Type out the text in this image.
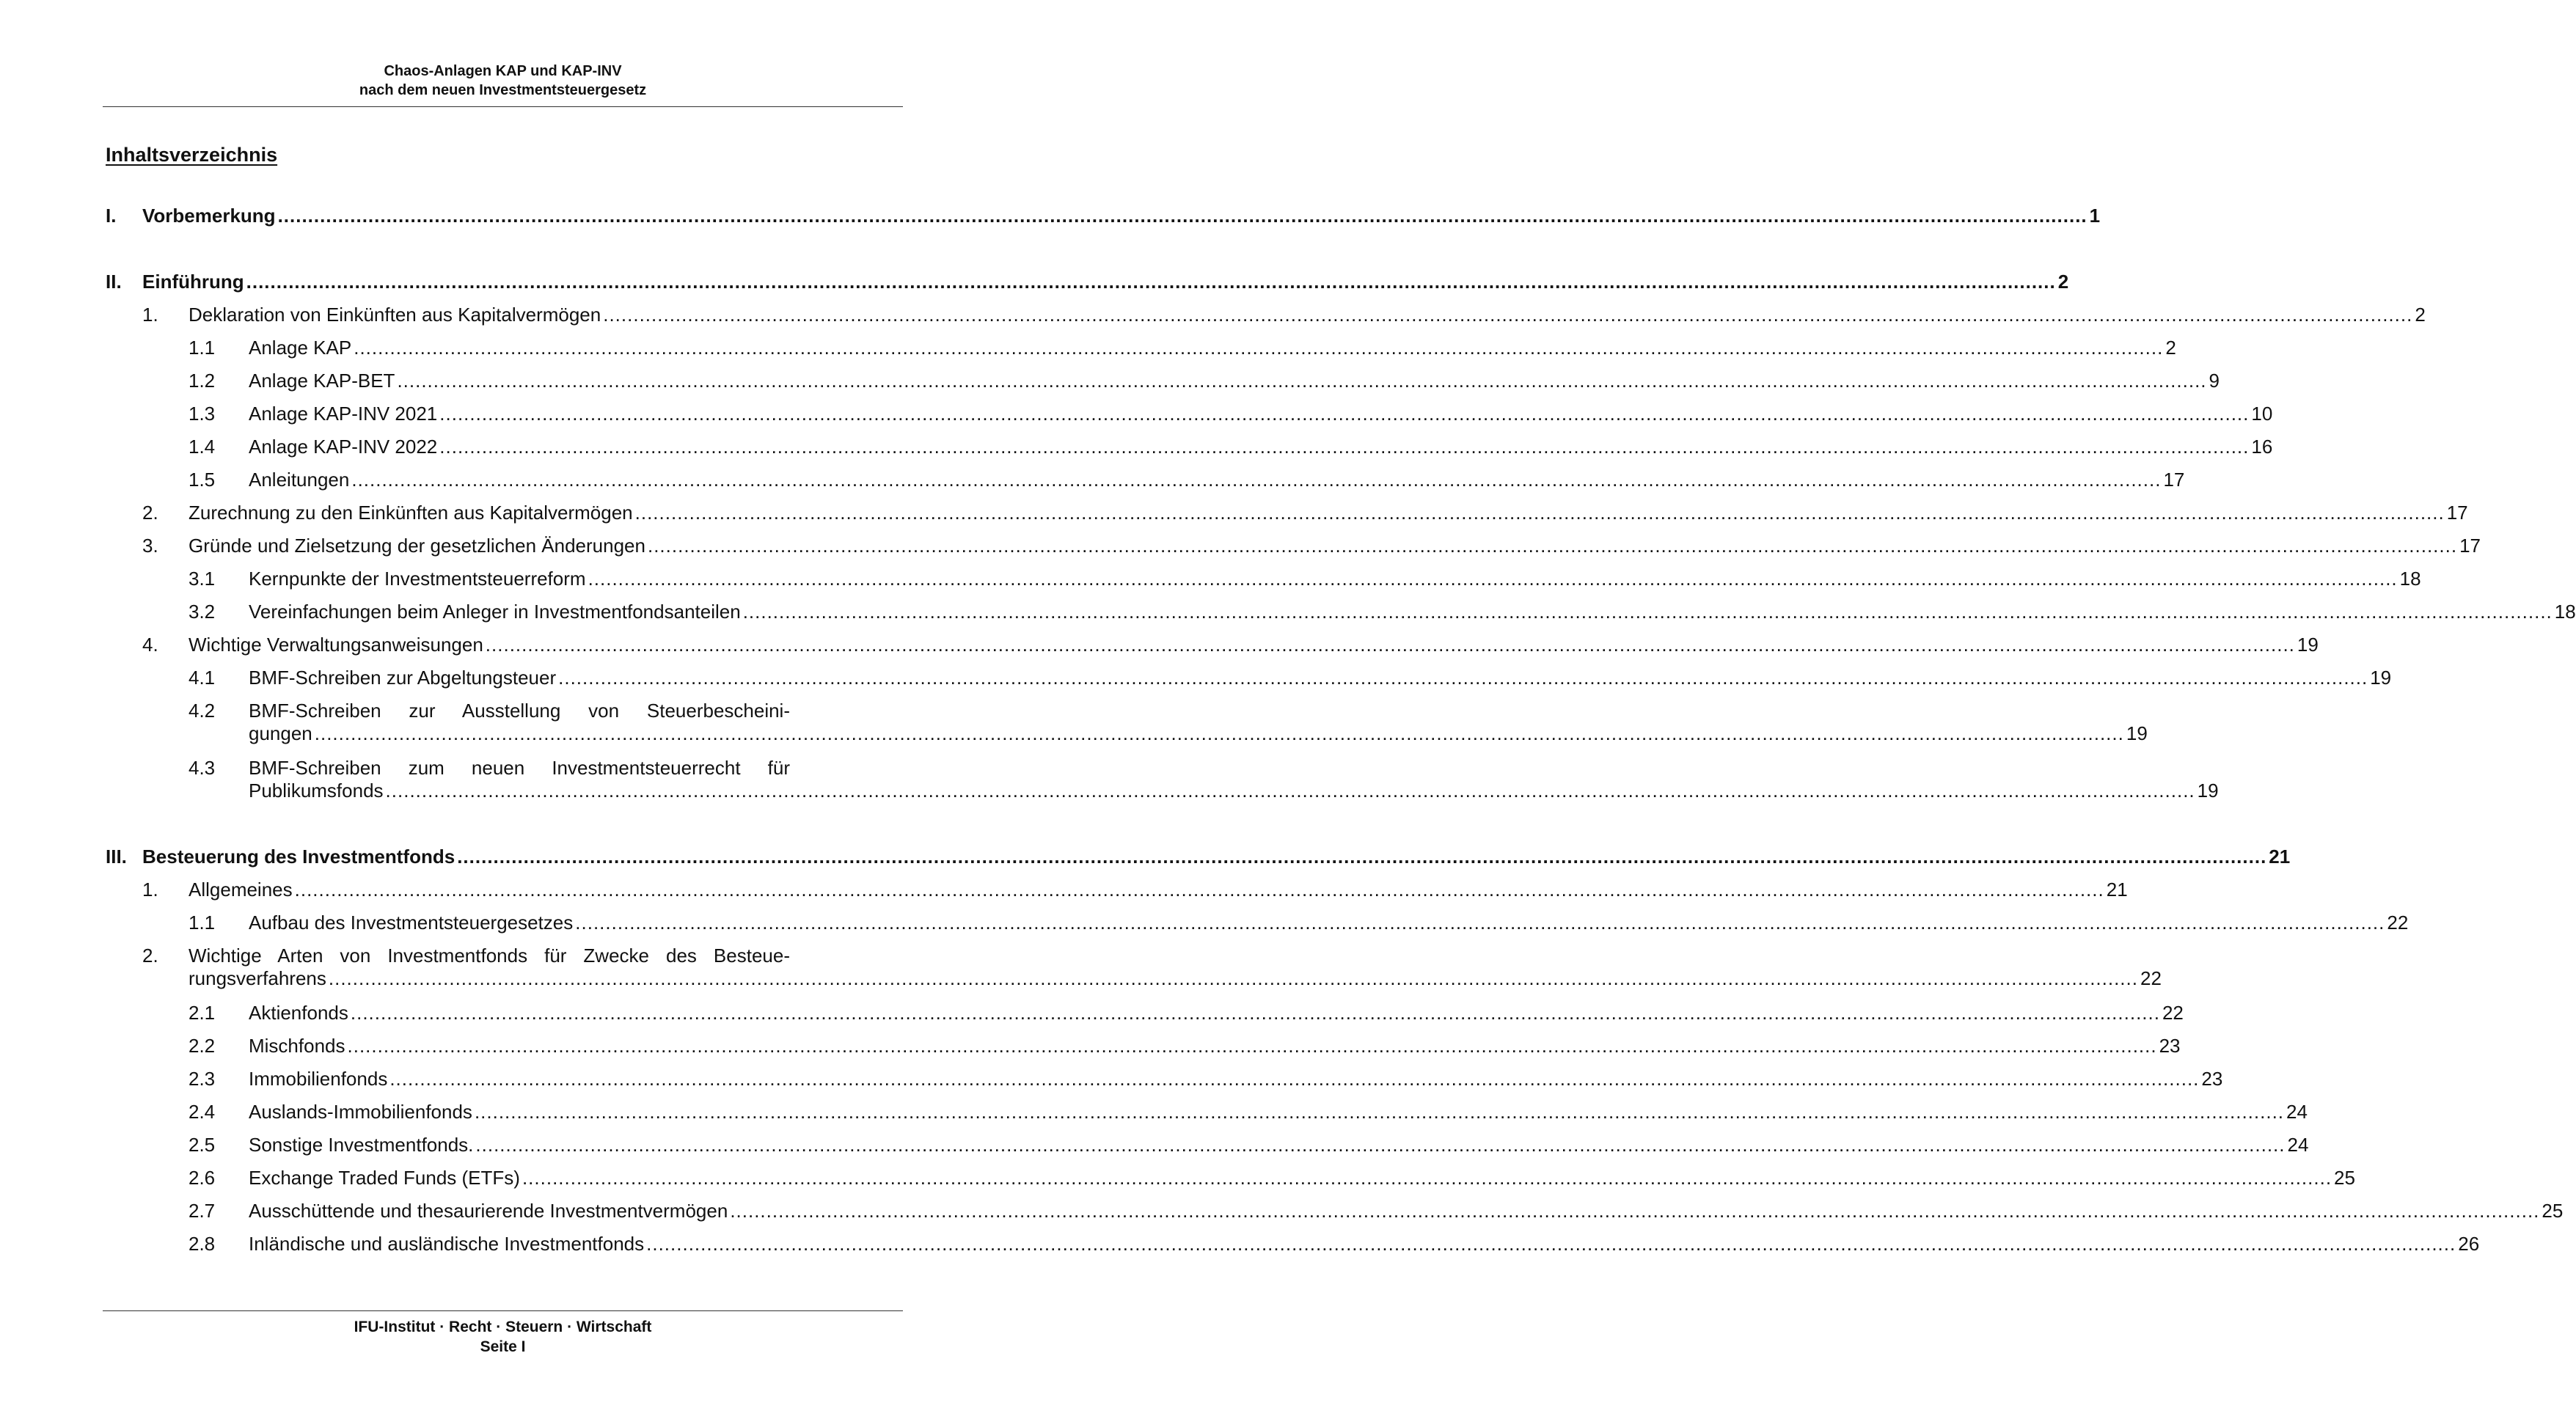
Chaos-Anlagen KAP und KAP-INV
nach dem neuen Investmentsteuergesetz
Inhaltsverzeichnis
I. Vorbemerkung ............................................................................................................................................................................................................................................................................................................ 1
II. Einführung ............................................................................................................................................................................................................................................................................................................ 2
1. Deklaration von Einkünften aus Kapitalvermögen ............................................................................................................................................................................................................................................................................................................ 2
1.1 Anlage KAP ............................................................................................................................................................................................................................................................................................................ 2
1.2 Anlage KAP-BET ............................................................................................................................................................................................................................................................................................................ 9
1.3 Anlage KAP-INV 2021 ............................................................................................................................................................................................................................................................................................................ 10
1.4 Anlage KAP-INV 2022 ............................................................................................................................................................................................................................................................................................................ 16
1.5 Anleitungen ............................................................................................................................................................................................................................................................................................................ 17
2. Zurechnung zu den Einkünften aus Kapitalvermögen ............................................................................................................................................................................................................................................................................................................ 17
3. Gründe und Zielsetzung der gesetzlichen Änderungen ............................................................................................................................................................................................................................................................................................................ 17
3.1 Kernpunkte der Investmentsteuerreform ............................................................................................................................................................................................................................................................................................................ 18
3.2 Vereinfachungen beim Anleger in Investmentfondsanteilen ............................................................................................................................................................................................................................................................................................................ 18
4. Wichtige Verwaltungsanweisungen ............................................................................................................................................................................................................................................................................................................ 19
4.1 BMF-Schreiben zur Abgeltungsteuer ............................................................................................................................................................................................................................................................................................................ 19
4.2 BMF-Schreiben zur Ausstellung von Steuerbescheini-
gungen ............................................................................................................................................................................................................................................................................................................ 19
4.3 BMF-Schreiben zum neuen Investmentsteuerrecht für
Publikumsfonds ............................................................................................................................................................................................................................................................................................................ 19
III. Besteuerung des Investmentfonds ............................................................................................................................................................................................................................................................................................................ 21
1. Allgemeines ............................................................................................................................................................................................................................................................................................................ 21
1.1 Aufbau des Investmentsteuergesetzes ............................................................................................................................................................................................................................................................................................................ 22
2. Wichtige Arten von Investmentfonds für Zwecke des Besteue-
rungsverfahrens ............................................................................................................................................................................................................................................................................................................ 22
2.1 Aktienfonds ............................................................................................................................................................................................................................................................................................................ 22
2.2 Mischfonds ............................................................................................................................................................................................................................................................................................................ 23
2.3 Immobilienfonds ............................................................................................................................................................................................................................................................................................................ 23
2.4 Auslands-Immobilienfonds ............................................................................................................................................................................................................................................................................................................ 24
2.5 Sonstige Investmentfonds. ............................................................................................................................................................................................................................................................................................................ 24
2.6 Exchange Traded Funds (ETFs) ............................................................................................................................................................................................................................................................................................................ 25
2.7 Ausschüttende und thesaurierende Investmentvermögen ............................................................................................................................................................................................................................................................................................................ 25
2.8 Inländische und ausländische Investmentfonds ............................................................................................................................................................................................................................................................................................................ 26
IFU-Institut · Recht · Steuern · Wirtschaft
Seite I
